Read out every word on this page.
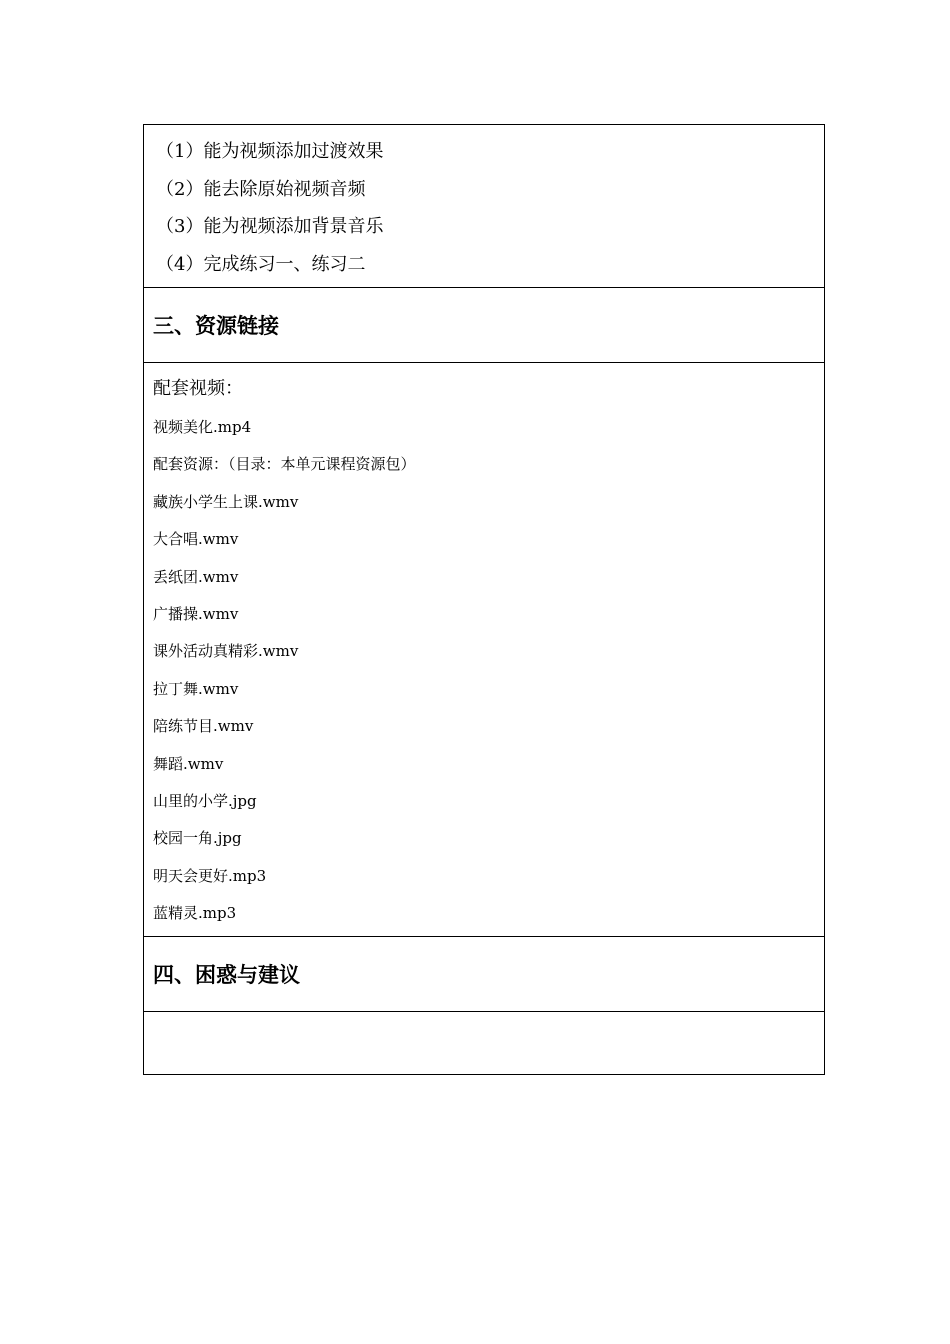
（1）能为视频添加过渡效果
（2）能去除原始视频音频
（3）能为视频添加背景音乐
（4）完成练习一、练习二
三、资源链接
配套视频：
视频美化.mp4
配套资源：（目录：本单元课程资源包）
藏族小学生上课.wmv
大合唱.wmv
丢纸团.wmv
广播操.wmv
课外活动真精彩.wmv
拉丁舞.wmv
陪练节目.wmv
舞蹈.wmv
山里的小学.jpg
校园一角.jpg
明天会更好.mp3
蓝精灵.mp3
四、困惑与建议
